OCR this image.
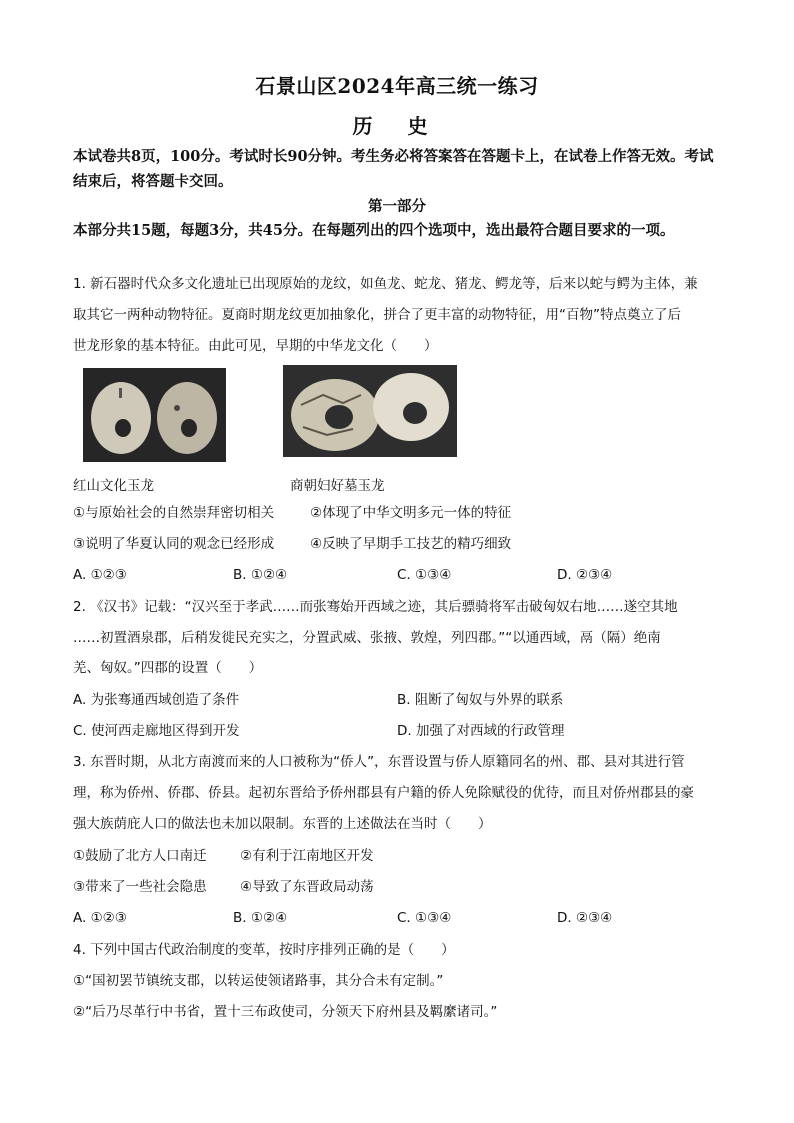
石景山区2024年高三统一练习
历 史
本试卷共8页，100分。考试时长90分钟。考生务必将答案答在答题卡上，在试卷上作答无效。考试结束后，将答题卡交回。
第一部分
本部分共15题，每题3分，共45分。在每题列出的四个选项中，选出最符合题目要求的一项。
1. 新石器时代众多文化遗址已出现原始的龙纹，如鱼龙、蛇龙、猪龙、鳄龙等，后来以蛇与鳄为主体，兼
取其它一两种动物特征。夏商时期龙纹更加抽象化，拼合了更丰富的动物特征，用“百物”特点奠立了后
世龙形象的基本特征。由此可见，早期的中华龙文化（　　）
红山文化玉龙	商朝妇好墓玉龙
①与原始社会的自然崇拜密切相关	②体现了中华文明多元一体的特征
③说明了华夏认同的观念已经形成	④反映了早期手工技艺的精巧细致
A. ①②③	B. ①②④	C. ①③④	D. ②③④
2. 《汉书》记载：“汉兴至于孝武……而张骞始开西域之迹，其后骠骑将军击破匈奴右地……遂空其地
……初置酒泉郡，后稍发徙民充实之，分置武威、张掖、敦煌，列四郡。”“以通西域，鬲（隔）绝南
羌、匈奴。”四郡的设置（　　）
A. 为张骞通西域创造了条件	B. 阻断了匈奴与外界的联系
C. 使河西走廊地区得到开发	D. 加强了对西域的行政管理
3. 东晋时期，从北方南渡而来的人口被称为“侨人”，东晋设置与侨人原籍同名的州、郡、县对其进行管
理，称为侨州、侨郡、侨县。起初东晋给予侨州郡县有户籍的侨人免除赋役的优待，而且对侨州郡县的豪
强大族荫庇人口的做法也未加以限制。东晋的上述做法在当时（　　）
①鼓励了北方人口南迁 ②有利于江南地区开发
③带来了一些社会隐患 ④导致了东晋政局动荡
A. ①②③	B. ①②④	C. ①③④	D. ②③④
4. 下列中国古代政治制度的变革，按时序排列正确的是（　　）
①“国初罢节镇统支郡，以转运使领诸路事，其分合未有定制。”
②“后乃尽革行中书省，置十三布政使司，分领天下府州县及羁縻诸司。”
